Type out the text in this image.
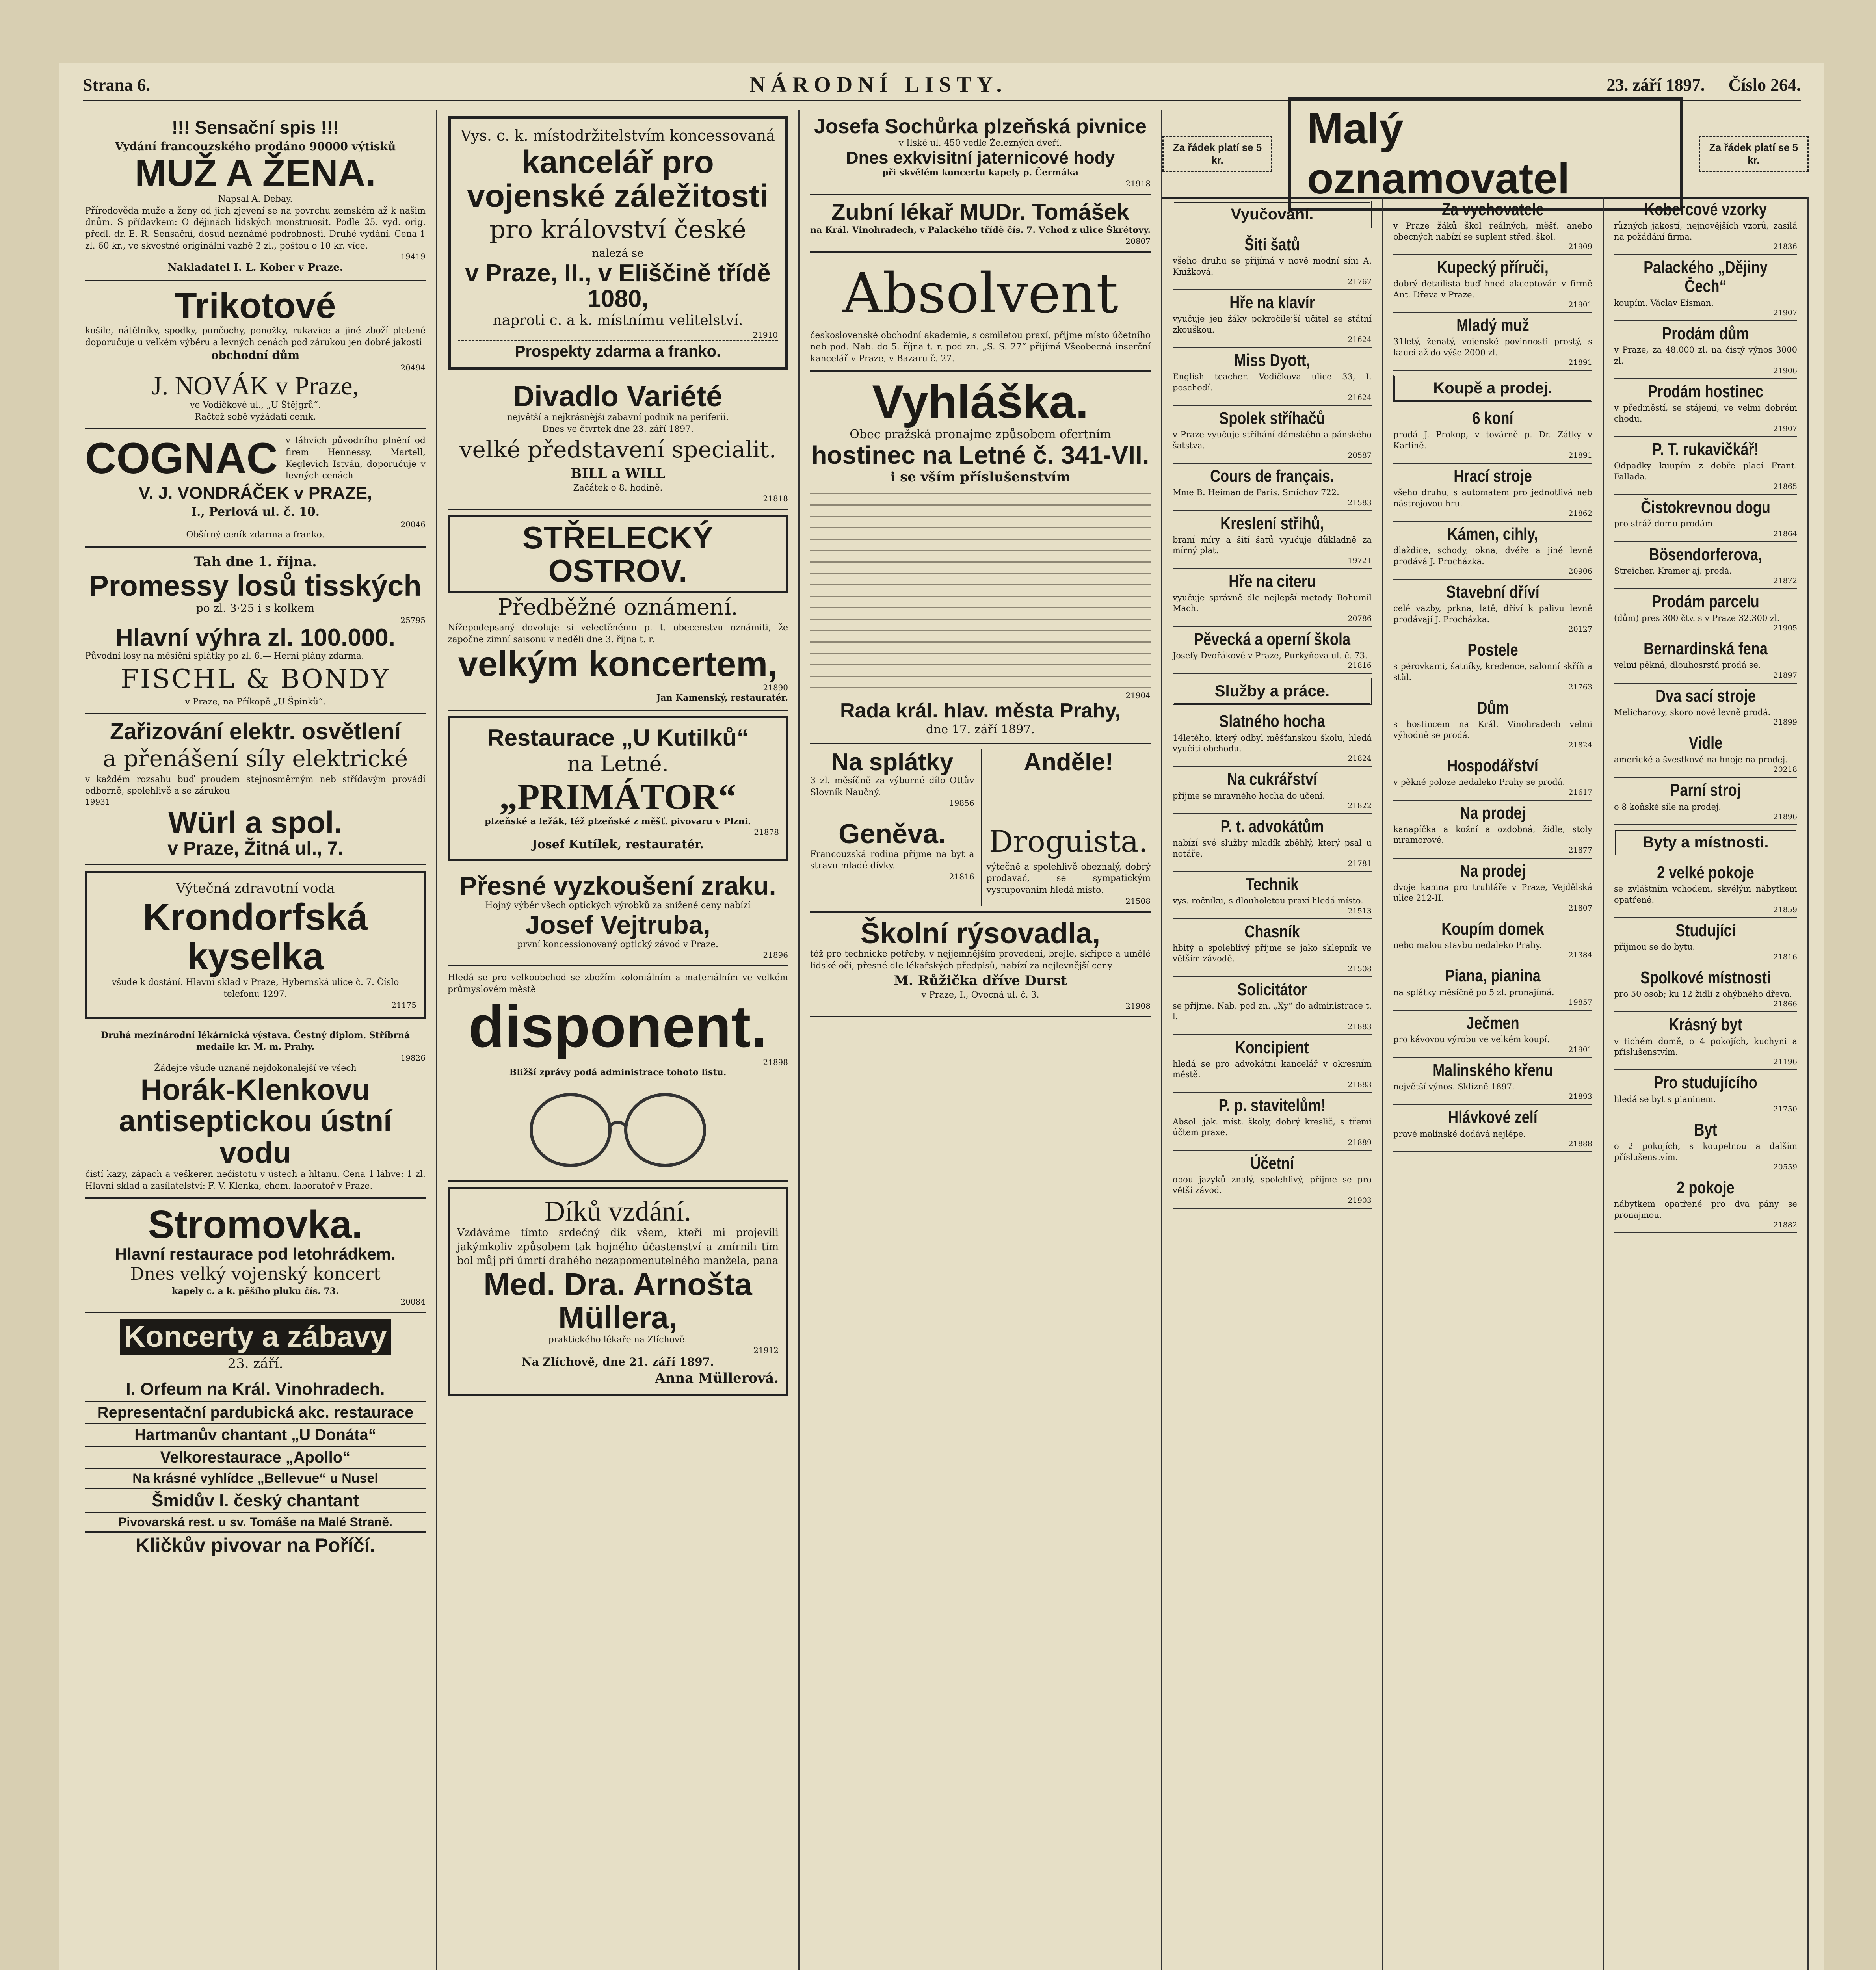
Strana 6.	NÁRODNÍ LISTY.	23. září 1897. Číslo 264.
!!! Sensační spis !!!
Vydání francouzského prodáno 90000 výtisků
MUŽ A ŽENA.
Napsal A. Debay.
Přírodověda muže a ženy od jich zjevení se na povrchu zemském až k našim dnům. S přídavkem: O dějinách lidských monstruosit. Podle 25. vyd. orig. předl. dr. E. R. Sensační, dosud neznámé podrobnosti. Druhé vydání. Cena 1 zl. 60 kr., ve skvostné originální vazbě 2 zl., poštou o 10 kr. více.
19419
Nakladatel I. L. Kober v Praze.
Trikotové
košile, nátělníky, spodky, punčochy, ponožky, rukavice a jiné zboží pletené doporučuje u velkém výběru a levných cenách pod zárukou jen dobré jakosti
obchodní dům
20494
J. NOVÁK v Praze,
ve Vodičkově ul., „U Štějgrů“.
Račtež sobě vyžádati ceník.
COGNAC v láhvích původního plnění od firem Hennessy, Martell, Keglevich István, doporučuje v levných cenách
V. J. VONDRÁČEK v PRAZE,
I., Perlová ul. č. 10.
20046
Obšírný ceník zdarma a franko.
Tah dne 1. října.
Promessy losů tisských
po zl. 3·25 i s kolkem
25795
Hlavní výhra zl. 100.000.
Původní losy na měsíční splátky po zl. 6.— Herní plány zdarma.
FISCHL & BONDY
v Praze, na Příkopě „U Špinků“.
Zařizování elektr. osvětlení
a přenášení síly elektrické
v každém rozsahu buď proudem stejnosměrným neb střídavým provádí odborně, spolehlivě a se zárukou
19931
Würl a spol.
v Praze, Žitná ul., 7.
Výtečná zdravotní voda
Krondorfská kyselka
všude k dostání. Hlavní sklad v Praze, Hybernská ulice č. 7. Číslo telefonu 1297.
21175
Druhá mezinárodní lékárnická výstava. Čestný diplom. Stříbrná medaile kr. M. m. Prahy.
19826
Žádejte všude uznaně nejdokonalejší ve všech
Horák-Klenkovu antiseptickou ústní vodu
čistí kazy, zápach a veškeren nečistotu v ústech a hltanu. Cena 1 láhve: 1 zl. Hlavní sklad a zasílatelství: F. V. Klenka, chem. laboratoř v Praze.
Stromovka.
Hlavní restaurace pod letohrádkem.
Dnes velký vojenský koncert
kapely c. a k. pěšího pluku čís. 73.
20084
Koncerty a zábavy
23. září.
I. Orfeum na Král. Vinohradech.
Representační pardubická akc. restaurace
Hartmanův chantant „U Donáta“
Velkorestaurace „Apollo“
Na krásné vyhlídce „Bellevue“ u Nusel
Šmidův I. český chantant
Pivovarská rest. u sv. Tomáše na Malé Straně.
Kličkův pivovar na Poříčí.
Vys. c. k. místodržitelstvím koncessovaná
kancelář pro vojenské záležitosti
pro království české
nalezá se
v Praze, II., v Eliščině třídě 1080,
naproti c. a k. místnímu velitelství.
21910
Prospekty zdarma a franko.
Divadlo Variété
největší a nejkrásnější zábavní podnik na periferii.
Dnes ve čtvrtek dne 23. září 1897.
velké představení specialit.
BILL a WILL
Začátek o 8. hodině.
21818
STŘELECKÝ OSTROV.
Předběžné oznámení.
Nížepodepsaný dovoluje si velectěnému p. t. obecenstvu oznámiti, že započne zimní saisonu v neděli dne 3. října t. r.
velkým koncertem,
21890
Jan Kamenský, restauratér.
Restaurace „U Kutilků“
na Letné.
„PRIMÁTOR“
plzeňské a ležák, též plzeňské z měšť. pivovaru v Plzni.
21878
Josef Kutílek, restauratér.
Přesné vyzkoušení zraku.
Hojný výběr všech optických výrobků za snížené ceny nabízí
Josef Vejtruba,
první koncessionovaný optický závod v Praze.
21896
Hledá se pro velkoobchod se zbožím koloniálním a materiálním ve velkém průmyslovém městě
disponent.
21898
Bližší zprávy podá administrace tohoto listu.
Díků vzdání.
Vzdáváme tímto srdečný dík všem, kteří mi projevili jakýmkoliv způsobem tak hojného účastenství a zmírnili tím bol můj při úmrtí drahého nezapomenutelného manžela, pana
Med. Dra. Arnošta Müllera,
praktického lékaře na Zlíchově.
21912
Na Zlíchově, dne 21. září 1897.
Anna Müllerová.
Josefa Sochůrka plzeňská pivnice
v Ilské ul. 450 vedle Železných dveří.
Dnes exkvisitní jaternicové hody
při skvělém koncertu kapely p. Čermáka
21918
Zubní lékař MUDr. Tomášek
na Král. Vinohradech, v Palackého třídě čís. 7. Vchod z ulice Škrétovy.
20807
Absolvent
československé obchodní akademie, s osmiletou praxí, přijme místo účetního neb pod. Nab. do 5. října t. r. pod zn. „S. S. 27“ přijímá Všeobecná inserční kancelář v Praze, v Bazaru č. 27.
Vyhláška.
Obec pražská pronajme způsobem ofertním
hostinec na Letné č. 341-VII.
i se vším příslušenstvím
21904
Rada král. hlav. města Prahy,
dne 17. září 1897.
Na splátky
3 zl. měsíčně za výborné dílo Ottův Slovník Naučný.
19856
Geněva.
Francouzská rodina přijme na byt a stravu mladé dívky.
21816
Anděle!
Droguista.
výtečně a spolehlivě obeznalý, dobrý prodavač, se sympatickým vystupováním hledá místo.
21508
Školní rýsovadla,
též pro technické potřeby, v nejjemnějším provedení, brejle, skřipce a umělé lidské oči, přesné dle lékařských předpisů, nabízí za nejlevnější ceny
M. Růžička dříve Durst
v Praze, I., Ovocná ul. č. 3.
21908
Za řádek platí se 5 kr.
Malý oznamovatel
Za řádek platí se 5 kr.
Vyučování.
Šití šatů

všeho druhu se přijímá v nově modní síni A. Knížková.

21767
Hře na klavír

vyučuje jen žáky pokročilejší učitel se státní zkouškou.

21624
Miss Dyott,

English teacher. Vodičkova ulice 33, I. poschodí.

21624
Spolek stříhačů

v Praze vyučuje stříhání dámského a pánského šatstva.

20587
Cours de français.

Mme B. Heiman de Paris. Smíchov 722.

21583
Kreslení střihů,

braní míry a šití šatů vyučuje důkladně za mírný plat.

19721
Hře na citeru

vyučuje správně dle nejlepší metody Bohumil Mach.

20786
Pěvecká a operní škola

Josefy Dvořákové v Praze, Purkyňova ul. č. 73.

21816
Služby a práce.
Slatného hocha

14letého, který odbyl měšťanskou školu, hledá vyučiti obchodu.

21824
Na cukrářství

přijme se mravného hocha do učení.

21822
P. t. advokátům

nabízí své služby mladík zběhlý, který psal u notáře.

21781
Technik

vys. ročníku, s dlouholetou praxí hledá místo.

21513
Chasník

hbitý a spolehlivý přijme se jako sklepník ve větším závodě.

21508
Solicitátor

se přijme. Nab. pod zn. „Xy“ do administrace t. l.

21883
Koncipient

hledá se pro advokátní kancelář v okresním městě.

21883
P. p. stavitelům!

Absol. jak. míst. školy, dobrý kreslič, s třemi účtem praxe.

21889
Účetní

obou jazyků znalý, spolehlivý, přijme se pro větší závod.

21903
Za vychovatele

v Praze žáků škol reálných, měšť. anebo obecných nabízí se suplent střed. škol.

21909
Kupecký příruči,

dobrý detailista buď hned akceptován v firmě Ant. Dřeva v Praze.

21901
Mladý muž

31letý, ženatý, vojenské povinnosti prostý, s kauci až do výše 2000 zl.

21891
Koupě a prodej.
6 koní

prodá J. Prokop, v továrně p. Dr. Zátky v Karlině.

21891
Hrací stroje

všeho druhu, s automatem pro jednotlivá neb nástrojovou hru.

21862
Kámen, cihly,

dlaždice, schody, okna, dvéře a jiné levně prodává J. Procházka.

20906
Stavební dříví

celé vazby, prkna, latě, dříví k palivu levně prodávají J. Procházka.

20127
Postele

s pérovkami, šatníky, kredence, salonní skříň a stůl.

21763
Dům

s hostincem na Král. Vinohradech velmi výhodně se prodá.

21824
Hospodářství

v pěkné poloze nedaleko Prahy se prodá.

21617
Na prodej

kanapíčka a kožní a ozdobná, židle, stoly mramorové.

21877
Na prodej

dvoje kamna pro truhláře v Praze, Vejdělská ulice 212-II.

21807
Koupím domek

nebo malou stavbu nedaleko Prahy.

21384
Piana, pianina

na splátky měsíčně po 5 zl. pronajímá.

19857
Ječmen

pro kávovou výrobu ve velkém koupí.

21901
Malinského křenu

největší výnos. Sklizně 1897.

21893
Hlávkové zelí

pravé malínské dodává nejlépe.

21888
Kobercové vzorky

různých jakostí, nejnovějších vzorů, zasílá na požádání firma.

21836
Palackého „Dějiny Čech“

koupím. Václav Eisman.

21907
Prodám dům

v Praze, za 48.000 zl. na čistý výnos 3000 zl.

21906
Prodám hostinec

v předměstí, se stájemi, ve velmi dobrém chodu.

21907
P. T. rukavičkář!

Odpadky kuupím z dobře plací Frant. Fallada.

21865
Čistokrevnou dogu

pro stráž domu prodám.

21864
Bösendorferova,

Streicher, Kramer aj. prodá.

21872
Prodám parcelu

(dům) pres 300 čtv. s v Praze 32.300 zl.

21905
Bernardinská fena

velmi pěkná, dlouhosrstá prodá se.

21897
Dva sací stroje

Melicharovy, skoro nové levně prodá.

21899
Vidle

americké a švestkové na hnoje na prodej.

20218
Parní stroj

o 8 koňské síle na prodej.

21896
Byty a místnosti.
2 velké pokoje

se zvláštním vchodem, skvělým nábytkem opatřené.

21859
Studující

přijmou se do bytu.

21816
Spolkové místnosti

pro 50 osob; ku 12 židlí z ohýbného dřeva.

21866
Krásný byt

v tichém domě, o 4 pokojích, kuchyni a příslušenstvím.

21196
Pro studujícího

hledá se byt s pianinem.

21750
Byt

o 2 pokojích, s koupelnou a dalším příslušenstvím.

20559
2 pokoje

nábytkem opatřené pro dva pány se pronajmou.

21882
